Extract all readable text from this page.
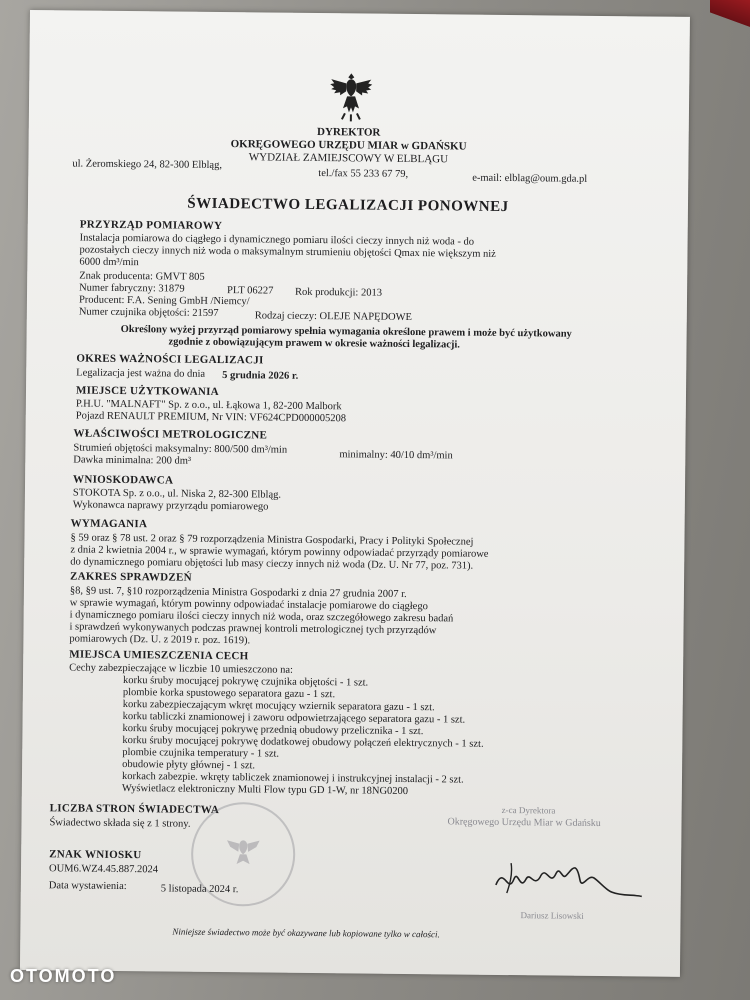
DYREKTOR
OKRĘGOWEGO URZĘDU MIAR w GDAŃSKU
WYDZIAŁ ZAMIEJSCOWY W ELBLĄGU
ul. Żeromskiego 24, 82-300 Elbląg,
tel./fax 55 233 67 79,	e-mail: elblag@oum.gda.pl
ŚWIADECTWO LEGALIZACJI PONOWNEJ
PRZYRZĄD POMIAROWY
Instalacja pomiarowa do ciągłego i dynamicznego pomiaru ilości cieczy innych niż woda - do
pozostałych cieczy innych niż woda o maksymalnym strumieniu objętości Qmax nie większym niż
6000 dm³/min
Znak producenta: GMVT 805
Numer fabryczny: 31879	PLT 06227 Rok produkcji: 2013
Producent: F.A. Sening GmbH /Niemcy/
Numer czujnika objętości: 21597	Rodzaj cieczy: OLEJE NAPĘDOWE
Określony wyżej przyrząd pomiarowy spełnia wymagania określone prawem i może być użytkowany
zgodnie z obowiązującym prawem w okresie ważności legalizacji.
OKRES WAŻNOŚCI LEGALIZACJI
Legalizacja jest ważna do dnia 5 grudnia 2026 r.
MIEJSCE UŻYTKOWANIA
P.H.U. "MALNAFT" Sp. z o.o., ul. Łąkowa 1, 82-200 Malbork
Pojazd RENAULT PREMIUM, Nr VIN: VF624CPD000005208
WŁAŚCIWOŚCI METROLOGICZNE
Strumień objętości maksymalny: 800/500 dm³/min	minimalny: 40/10 dm³/min
Dawka minimalna: 200 dm³
WNIOSKODAWCA
STOKOTA Sp. z o.o., ul. Niska 2, 82-300 Elbląg.
Wykonawca naprawy przyrządu pomiarowego
WYMAGANIA
§ 59 oraz § 78 ust. 2 oraz § 79 rozporządzenia Ministra Gospodarki, Pracy i Polityki Społecznej
z dnia 2 kwietnia 2004 r., w sprawie wymagań, którym powinny odpowiadać przyrządy pomiarowe
do dynamicznego pomiaru objętości lub masy cieczy innych niż woda (Dz. U. Nr 77, poz. 731).
ZAKRES SPRAWDZEŃ
§8, §9 ust. 7, §10 rozporządzenia Ministra Gospodarki z dnia 27 grudnia 2007 r.
w sprawie wymagań, którym powinny odpowiadać instalacje pomiarowe do ciągłego
i dynamicznego pomiaru ilości cieczy innych niż woda, oraz szczegółowego zakresu badań
i sprawdzeń wykonywanych podczas prawnej kontroli metrologicznej tych przyrządów
pomiarowych (Dz. U. z 2019 r. poz. 1619).
MIEJSCA UMIESZCZENIA CECH
Cechy zabezpieczające w liczbie 10 umieszczono na:
korku śruby mocującej pokrywę czujnika objętości - 1 szt.
plombie korka spustowego separatora gazu - 1 szt.
korku zabezpieczającym wkręt mocujący wziernik separatora gazu - 1 szt.
korku tabliczki znamionowej i zaworu odpowietrzającego separatora gazu - 1 szt.
korku śruby mocującej pokrywę przednią obudowy przelicznika - 1 szt.
korku śruby mocującej pokrywę dodatkowej obudowy połączeń elektrycznych - 1 szt.
plombie czujnika temperatury - 1 szt.
obudowie płyty głównej - 1 szt.
korkach zabezpie. wkręty tabliczek znamionowej i instrukcyjnej instalacji - 2 szt.
Wyświetlacz elektroniczny Multi Flow typu GD 1-W, nr 18NG0200
LICZBA STRON ŚWIADECTWA
Świadectwo składa się z 1 strony.
z-ca Dyrektora
Okręgowego Urzędu Miar w Gdańsku
ZNAK WNIOSKU
OUM6.WZ4.45.887.2024
Data wystawienia:	5 listopada 2024 r.
Dariusz Lisowski
Niniejsze świadectwo może być okazywane lub kopiowane tylko w całości.
OTOMOTO
